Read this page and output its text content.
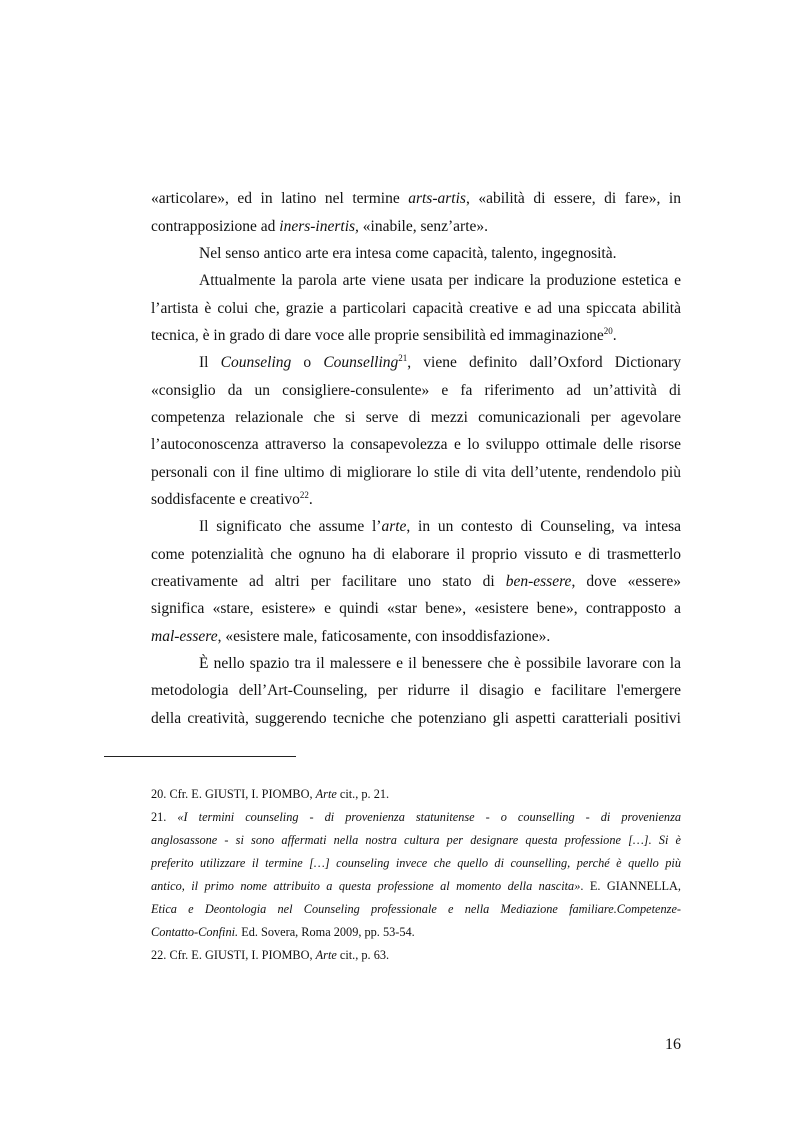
«articolare», ed in latino nel termine arts-artis, «abilità di essere, di fare», in
contrapposizione ad iners-inertis, «inabile, senz’arte».
Nel senso antico arte era intesa come capacità, talento, ingegnosità.
Attualmente la parola arte viene usata per indicare la produzione estetica e
l’artista è colui che, grazie a particolari capacità creative e ad una spiccata abilità
tecnica, è in grado di dare voce alle proprie sensibilità ed immaginazione$^{20}$.
Il Counseling o Counselling$^{21}$, viene definito dall’Oxford Dictionary
«consiglio da un consigliere-consulente» e fa riferimento ad un’attività di
competenza relazionale che si serve di mezzi comunicazionali per agevolare
l’autoconoscenza attraverso la consapevolezza e lo sviluppo ottimale delle risorse
personali con il fine ultimo di migliorare lo stile di vita dell’utente, rendendolo più
soddisfacente e creativo$^{22}$.
Il significato che assume l’arte, in un contesto di Counseling, va intesa
come potenzialità che ognuno ha di elaborare il proprio vissuto e di trasmetterlo
creativamente ad altri per facilitare uno stato di ben-essere, dove «essere»
significa «stare, esistere» e quindi «star bene», «esistere bene», contrapposto a
mal-essere, «esistere male, faticosamente, con insoddisfazione».
È nello spazio tra il malessere e il benessere che è possibile lavorare con la
metodologia dell’Art-Counseling, per ridurre il disagio e facilitare l'emergere
della creatività, suggerendo tecniche che potenziano gli aspetti caratteriali positivi
20. Cfr. E. GIUSTI, I. PIOMBO, Arte cit., p. 21.
21. «I termini counseling - di provenienza statunitense - o counselling - di provenienza
anglosassone - si sono affermati nella nostra cultura per designare questa professione […]. Si è
preferito utilizzare il termine […] counseling invece che quello di counselling, perché è quello più
antico, il primo nome attribuito a questa professione al momento della nascita». E. GIANNELLA,
Etica e Deontologia nel Counseling professionale e nella Mediazione familiare.Competenze-
Contatto-Confini. Ed. Sovera, Roma 2009, pp. 53-54.
22. Cfr. E. GIUSTI, I. PIOMBO, Arte cit., p. 63.
16
